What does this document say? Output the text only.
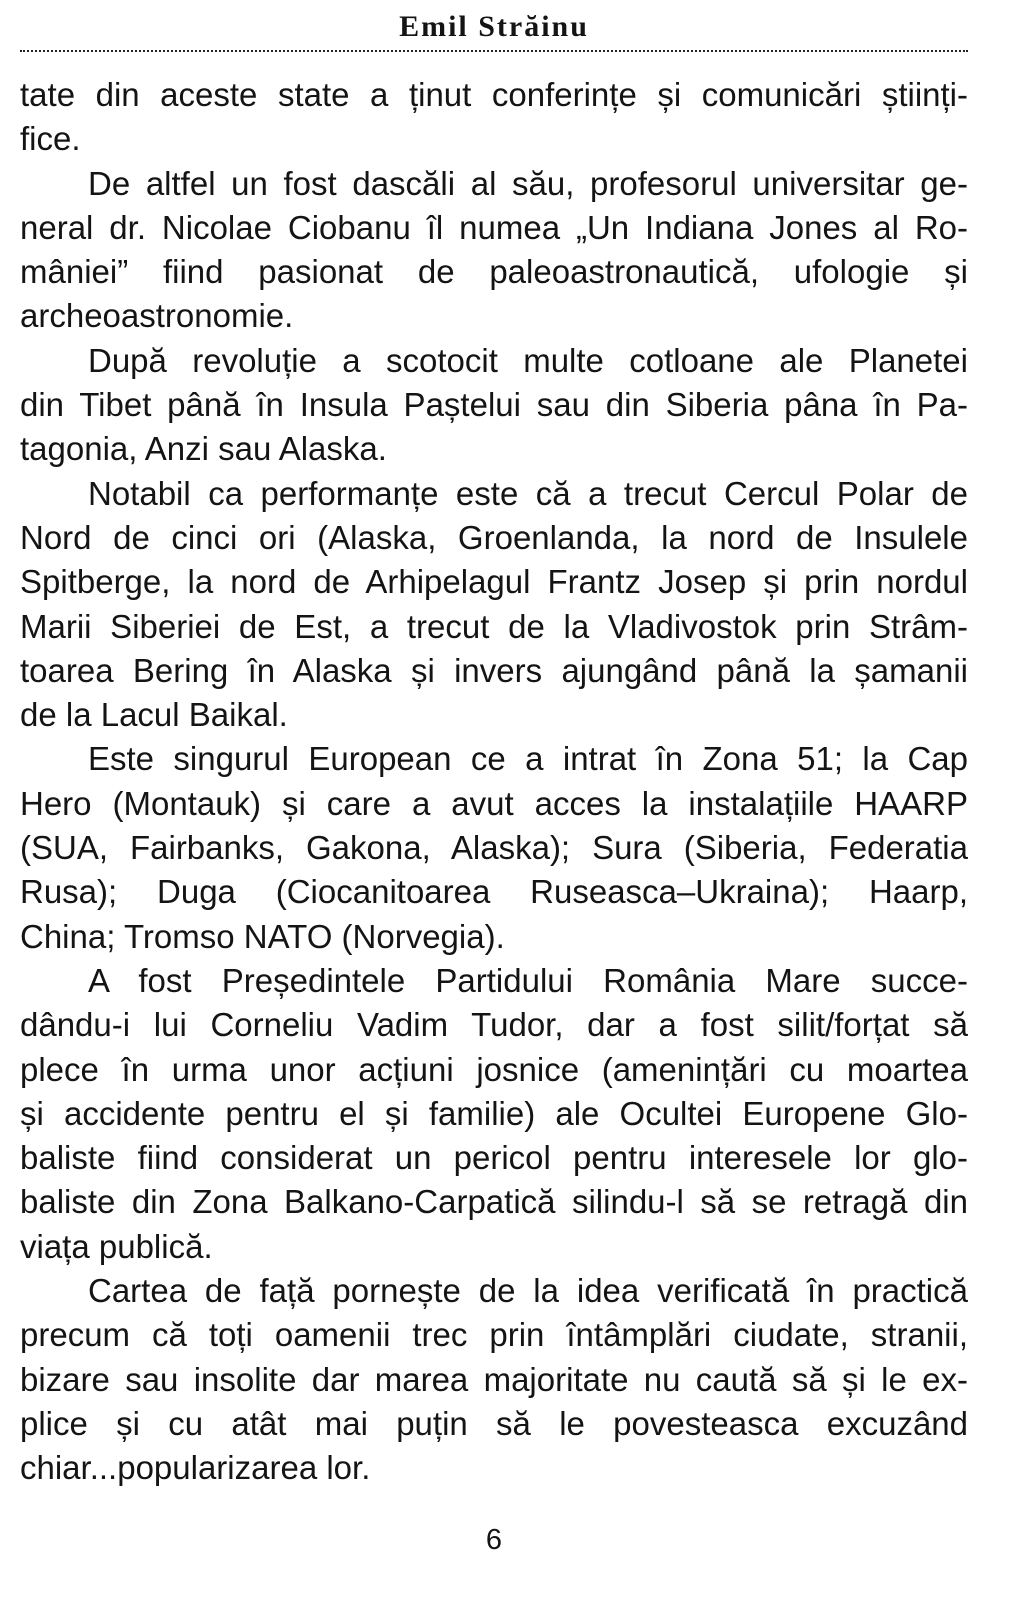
Emil Străinu
tate din aceste state a ținut conferințe și comunicări științi-
fice.
De altfel un fost dascăli al său, profesorul universitar ge-
neral dr. Nicolae Ciobanu îl numea „Un Indiana Jones al Ro-
mâniei” fiind pasionat de paleoastronautică, ufologie și
archeoastronomie.
După revoluție a scotocit multe cotloane ale Planetei
din Tibet până în Insula Paștelui sau din Siberia pâna în Pa-
tagonia, Anzi sau Alaska.
Notabil ca performanțe este că a trecut Cercul Polar de
Nord de cinci ori (Alaska, Groenlanda, la nord de Insulele
Spitberge, la nord de Arhipelagul Frantz Josep și prin nordul
Marii Siberiei de Est, a trecut de la Vladivostok prin Strâm-
toarea Bering în Alaska și invers ajungând până la șamanii
de la Lacul Baikal.
Este singurul European ce a intrat în Zona 51; la Cap
Hero (Montauk) și care a avut acces la instalațiile HAARP
(SUA, Fairbanks, Gakona, Alaska); Sura (Siberia, Federatia
Rusa); Duga (Ciocanitoarea Ruseasca–Ukraina); Haarp,
China; Tromso NATO (Norvegia).
A fost Președintele Partidului România Mare succe-
dându-i lui Corneliu Vadim Tudor, dar a fost silit/forțat să
plece în urma unor acțiuni josnice (amenințări cu moartea
și accidente pentru el și familie) ale Ocultei Europene Glo-
baliste fiind considerat un pericol pentru interesele lor glo-
baliste din Zona Balkano-Carpatică silindu-l să se retragă din
viața publică.
Cartea de față pornește de la idea verificată în practică
precum că toți oamenii trec prin întâmplări ciudate, stranii,
bizare sau insolite dar marea majoritate nu caută să și le ex-
plice și cu atât mai puțin să le povesteasca excuzând
chiar...popularizarea lor.
6
